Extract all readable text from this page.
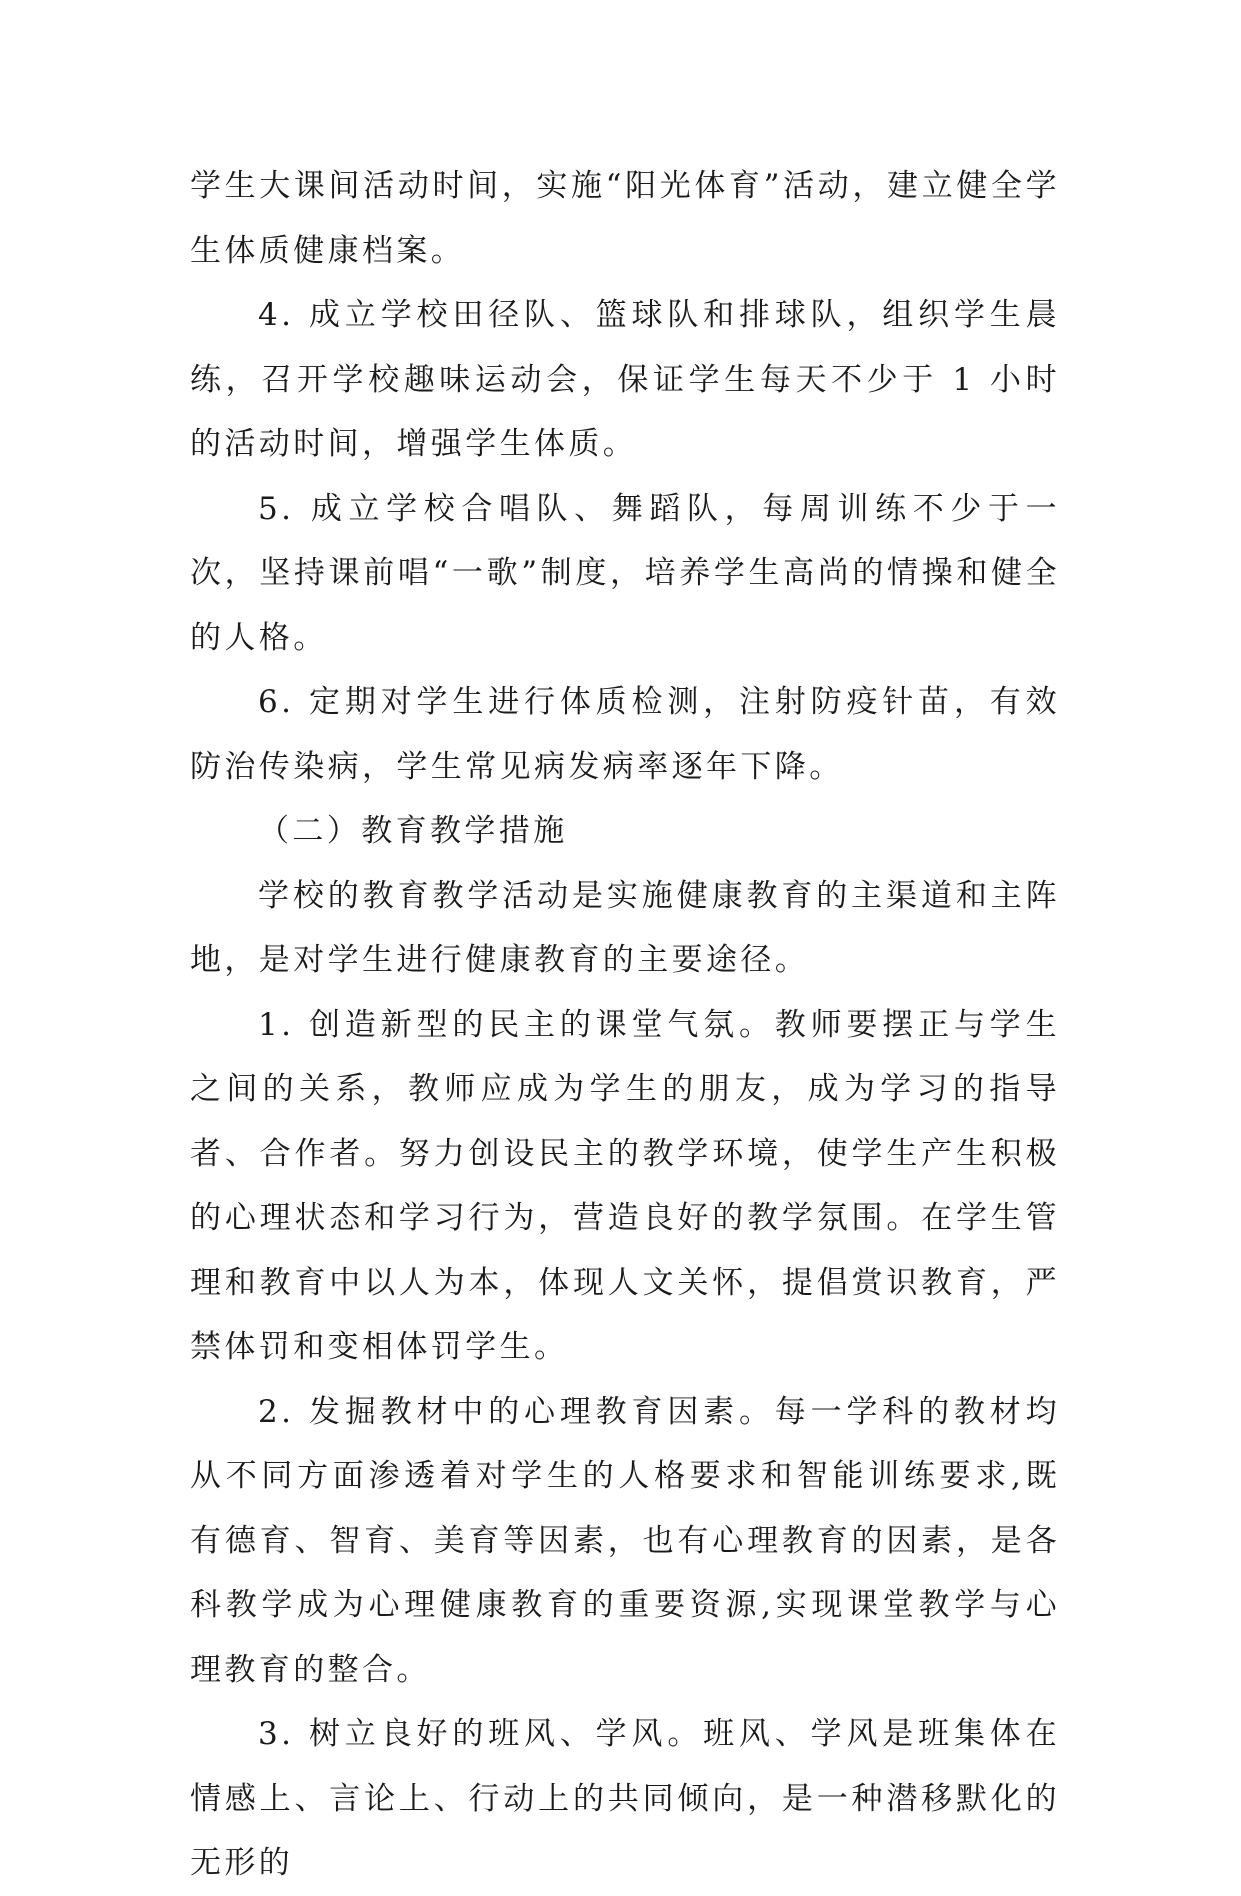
学生大课间活动时间，实施“阳光体育”活动，建立健全学生体质健康档案。

4. 成立学校田径队、篮球队和排球队，组织学生晨练，召开学校趣味运动会，保证学生每天不少于 1 小时的活动时间，增强学生体质。

5. 成立学校合唱队、舞蹈队，每周训练不少于一次，坚持课前唱“一歌”制度，培养学生高尚的情操和健全的人格。

6. 定期对学生进行体质检测，注射防疫针苗，有效防治传染病，学生常见病发病率逐年下降。

（二）教育教学措施

学校的教育教学活动是实施健康教育的主渠道和主阵地，是对学生进行健康教育的主要途径。

1. 创造新型的民主的课堂气氛。教师要摆正与学生之间的关系，教师应成为学生的朋友，成为学习的指导者、合作者。努力创设民主的教学环境，使学生产生积极的心理状态和学习行为，营造良好的教学氛围。在学生管理和教育中以人为本，体现人文关怀，提倡赏识教育，严禁体罚和变相体罚学生。

2. 发掘教材中的心理教育因素。每一学科的教材均从不同方面渗透着对学生的人格要求和智能训练要求,既有德育、智育、美育等因素，也有心理教育的因素，是各科教学成为心理健康教育的重要资源,实现课堂教学与心理教育的整合。

3. 树立良好的班风、学风。班风、学风是班集体在情感上、言论上、行动上的共同倾向，是一种潜移默化的无形的
